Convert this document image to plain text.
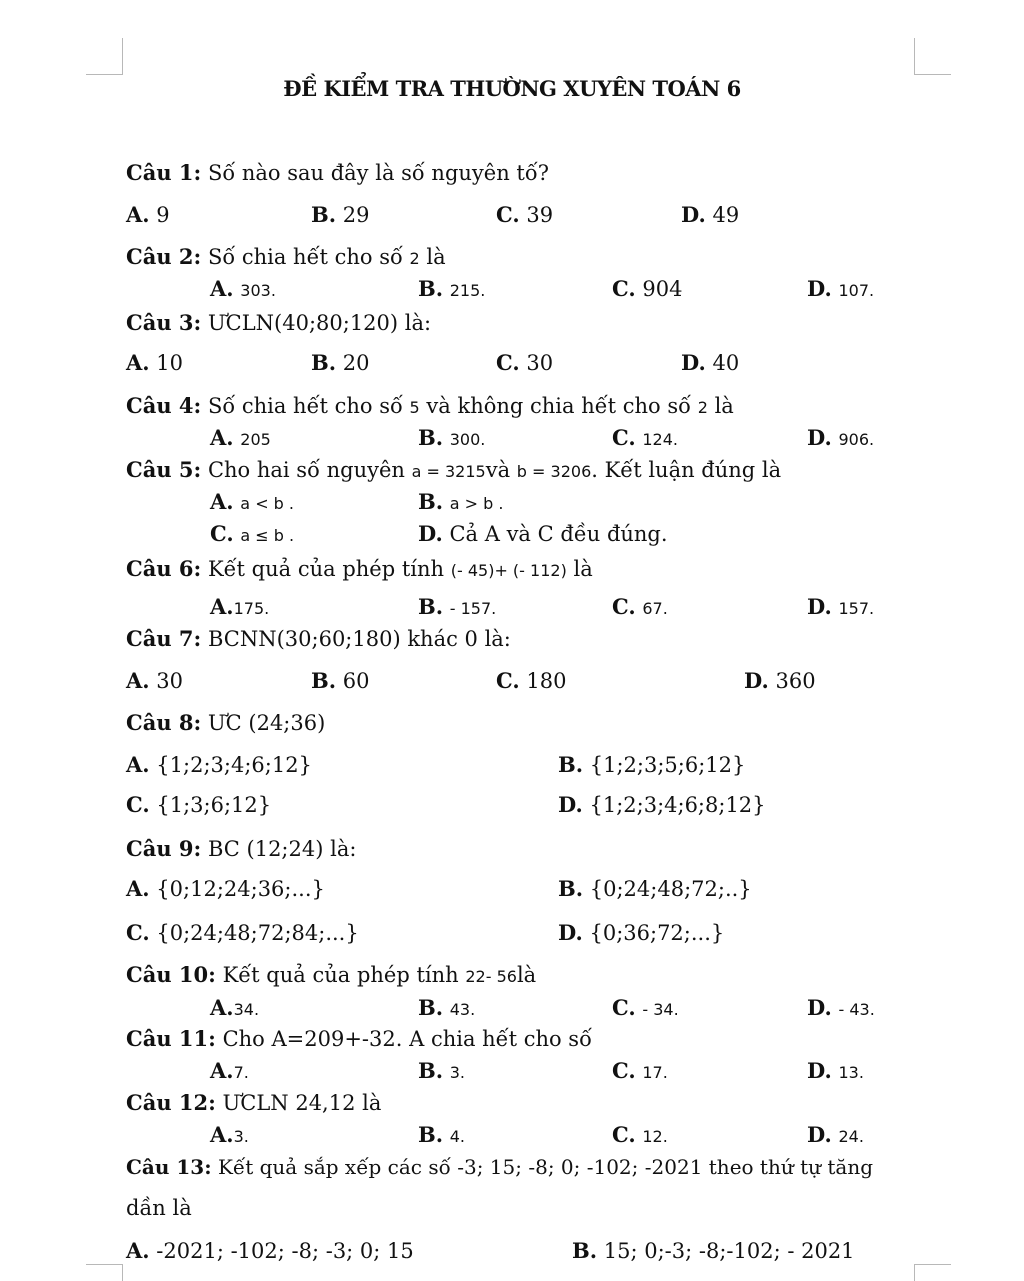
ĐỀ KIỂM TRA THƯỜNG XUYÊN TOÁN 6
Câu 1: Số nào sau đây là số nguyên tố?
A. 9	B. 29	C. 39	D. 49
Câu 2: Số chia hết cho số 2 là
A. 303.	B. 215.	C. 904	D. 107.
Câu 3: ƯCLN(40;80;120) là:
A. 10	B. 20	C. 30	D. 40
Câu 4: Số chia hết cho số 5 và không chia hết cho số 2 là
A. 205	B. 300.	C. 124.	D. 906.
Câu 5: Cho hai số nguyên a = 3215và b = 3206. Kết luận đúng là
A. a < b .	B. a > b .
C. a ≤ b .	D. Cả A và C đều đúng.
Câu 6: Kết quả của phép tính (- 45)+ (- 112) là
A.175.	B. - 157.	C. 67.	D. 157.
Câu 7: BCNN(30;60;180) khác 0 là:
A. 30	B. 60	C. 180	D. 360
Câu 8: ƯC (24;36)
A. {1;2;3;4;6;12}	B. {1;2;3;5;6;12}
C. {1;3;6;12}	D. {1;2;3;4;6;8;12}
Câu 9: BC (12;24) là:
A. {0;12;24;36;...}	B. {0;24;48;72;..}
C. {0;24;48;72;84;...}	D. {0;36;72;...}
Câu 10: Kết quả của phép tính 22- 56là
A.34.	B. 43.	C. - 34.	D. - 43.
Câu 11: Cho A=209+-32. A chia hết cho số
A.7.	B. 3.	C. 17.	D. 13.
Câu 12: ƯCLN 24,12 là
A.3.	B. 4.	C. 12.	D. 24.
Câu 13: Kết quả sắp xếp các số -3; 15; -8; 0; -102; -2021 theo thứ tự tăng
dần là
A. -2021; -102; -8; -3; 0; 15	B. 15; 0;-3; -8;-102; - 2021
